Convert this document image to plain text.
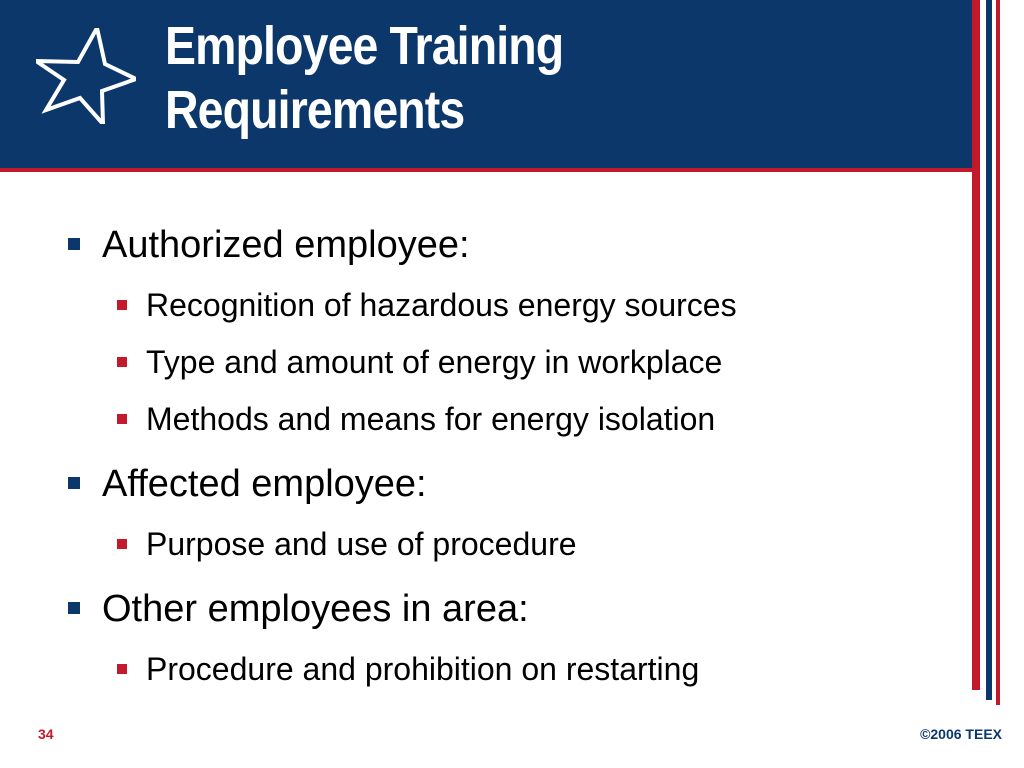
Employee Training
Requirements
Authorized employee:
Recognition of hazardous energy sources
Type and amount of energy in workplace
Methods and means for energy isolation
Affected employee:
Purpose and use of procedure
Other employees in area:
Procedure and prohibition on restarting
34	©2006 TEEX
